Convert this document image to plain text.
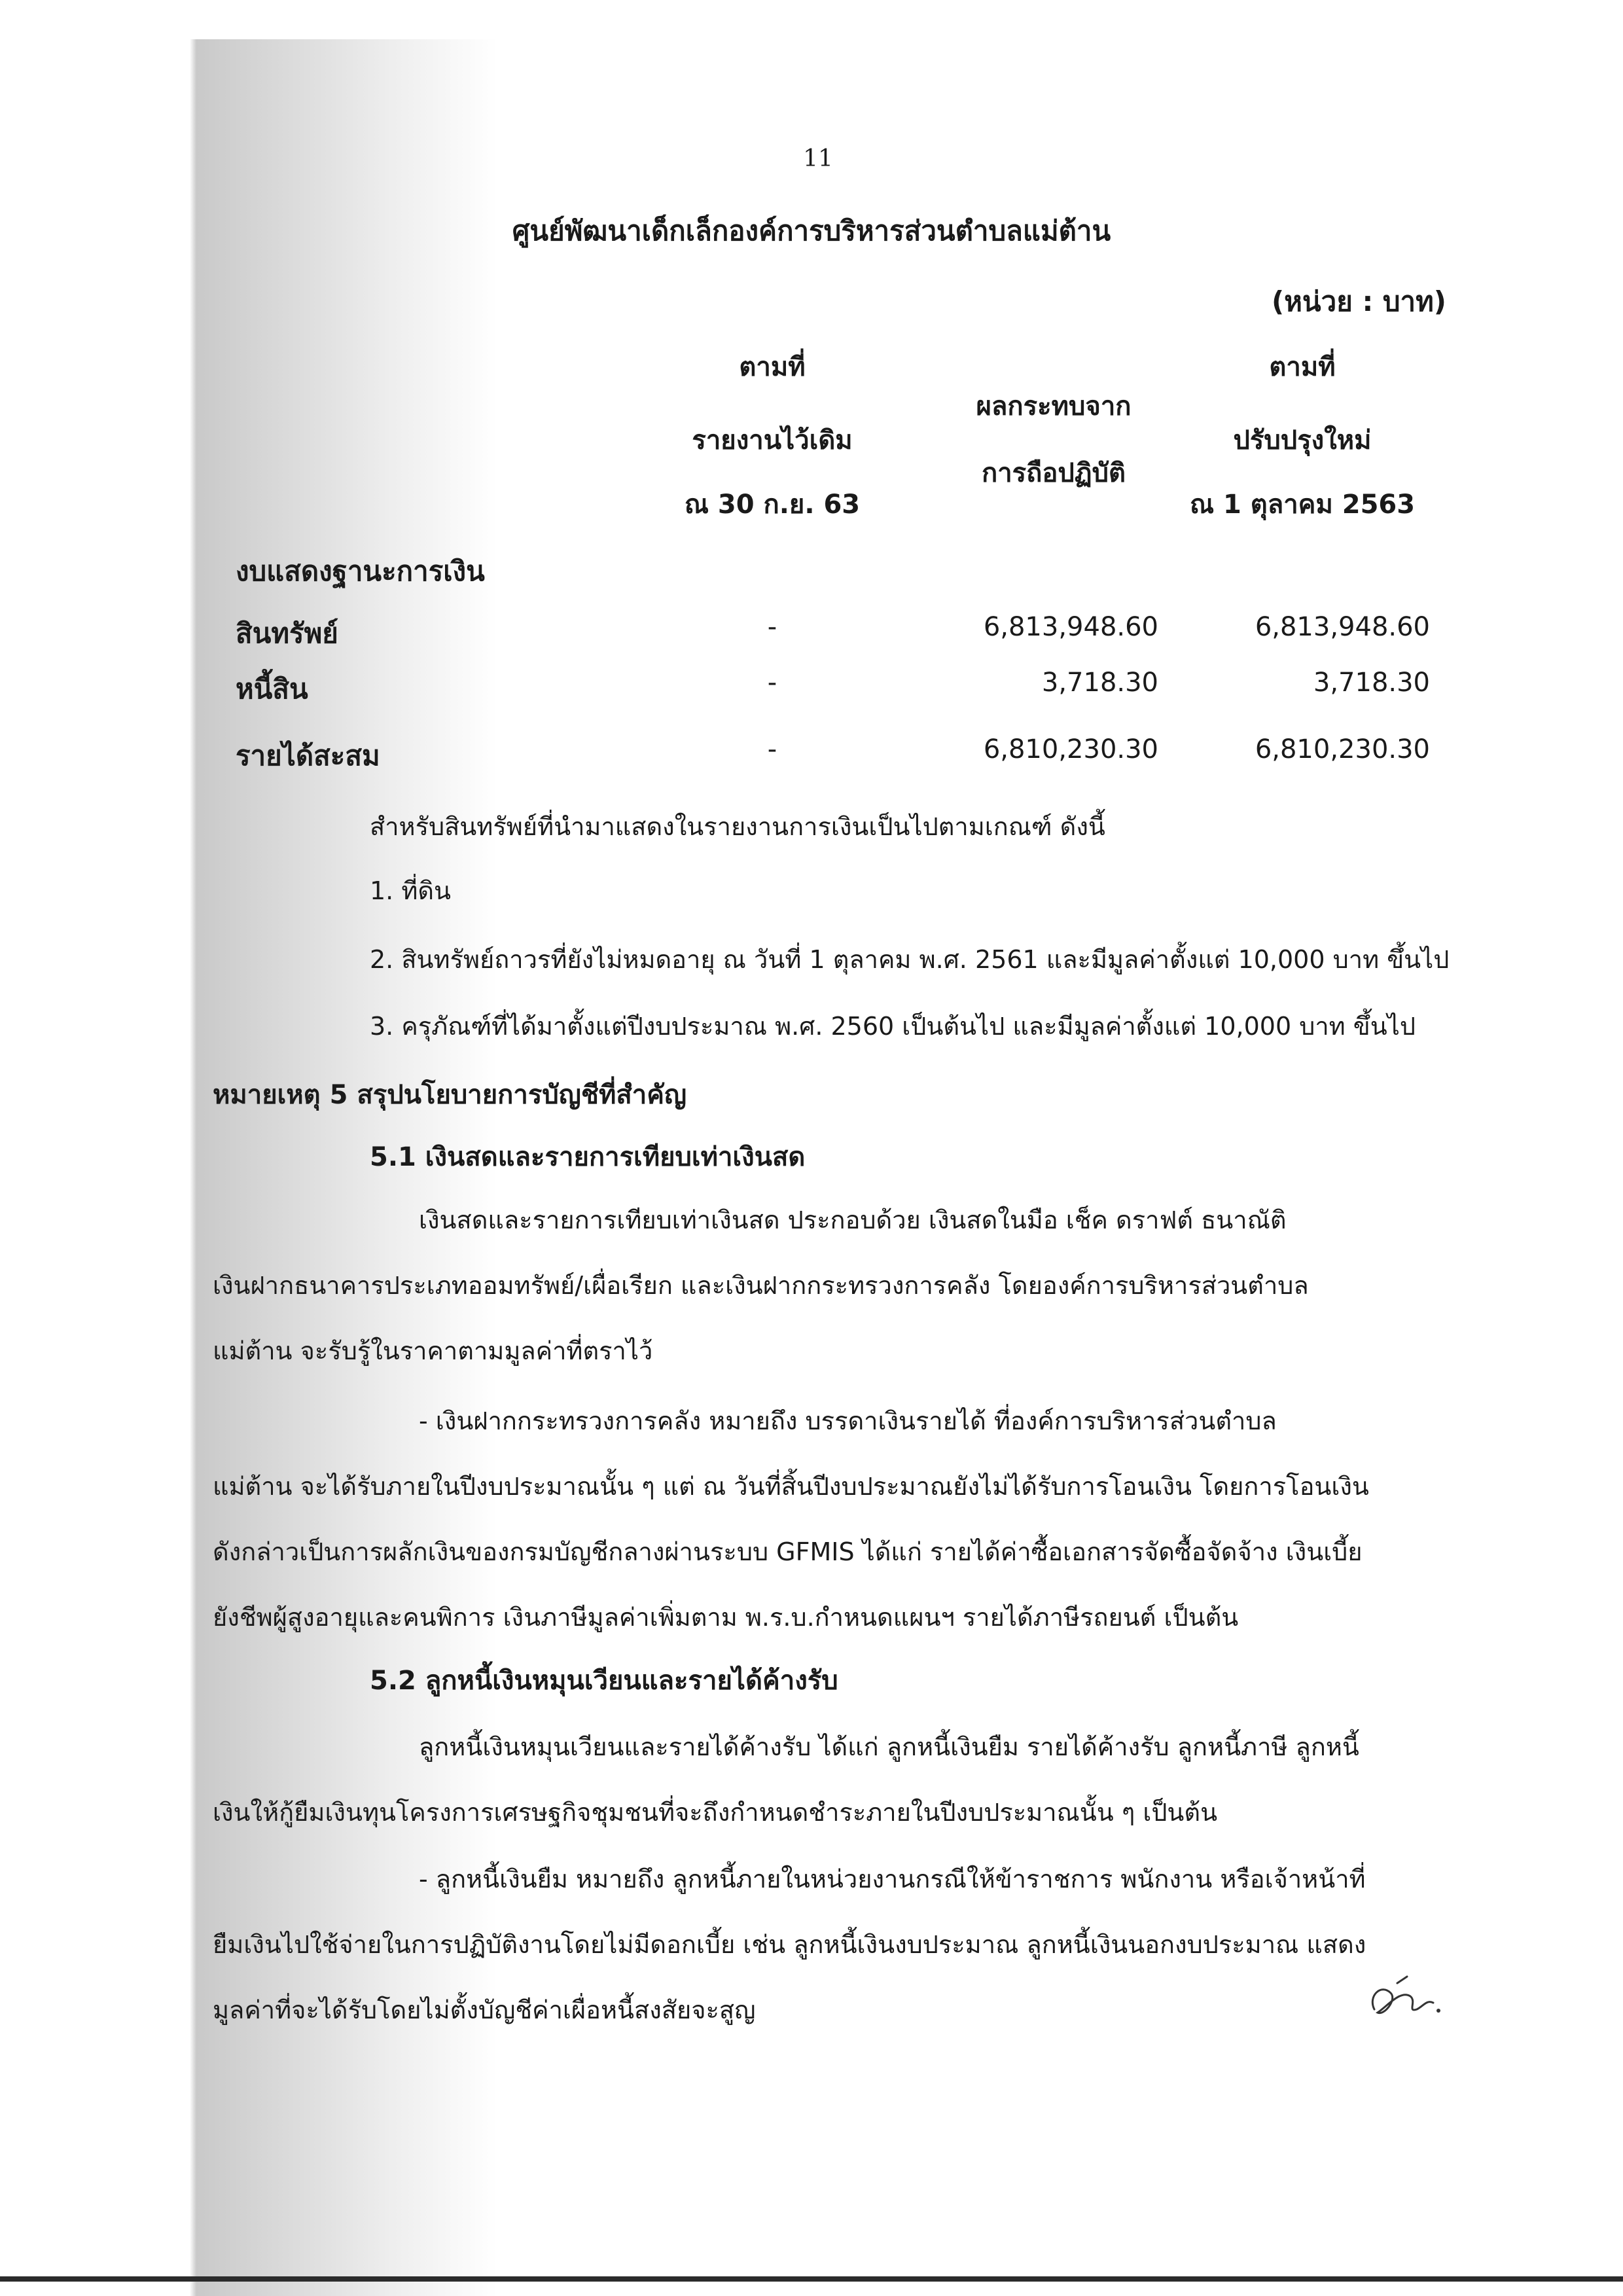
11
ศูนย์พัฒนาเด็กเล็กองค์การบริหารส่วนตำบลแม่ต้าน
(หน่วย : บาท)
ตามที่
รายงานไว้เดิม
ณ 30 ก.ย. 63
ผลกระทบจาก
การถือปฏิบัติ
ตามที่
ปรับปรุงใหม่
ณ 1 ตุลาคม 2563
งบแสดงฐานะการเงิน
สินทรัพย์	-	6,813,948.60	6,813,948.60
หนี้สิน	-	3,718.30	3,718.30
รายได้สะสม	-	6,810,230.30	6,810,230.30
สำหรับสินทรัพย์ที่นำมาแสดงในรายงานการเงินเป็นไปตามเกณฑ์ ดังนี้
1. ที่ดิน
2. สินทรัพย์ถาวรที่ยังไม่หมดอายุ ณ วันที่ 1 ตุลาคม พ.ศ. 2561 และมีมูลค่าตั้งแต่ 10,000 บาท ขึ้นไป
3. ครุภัณฑ์ที่ได้มาตั้งแต่ปีงบประมาณ พ.ศ. 2560 เป็นต้นไป และมีมูลค่าตั้งแต่ 10,000 บาท ขึ้นไป
หมายเหตุ 5 สรุปนโยบายการบัญชีที่สำคัญ
5.1 เงินสดและรายการเทียบเท่าเงินสด
เงินสดและรายการเทียบเท่าเงินสด ประกอบด้วย เงินสดในมือ เช็ค ดราฟต์ ธนาณัติ
เงินฝากธนาคารประเภทออมทรัพย์/เผื่อเรียก และเงินฝากกระทรวงการคลัง โดยองค์การบริหารส่วนตำบล
แม่ต้าน จะรับรู้ในราคาตามมูลค่าที่ตราไว้
- เงินฝากกระทรวงการคลัง หมายถึง บรรดาเงินรายได้ ที่องค์การบริหารส่วนตำบล
แม่ต้าน จะได้รับภายในปีงบประมาณนั้น ๆ แต่ ณ วันที่สิ้นปีงบประมาณยังไม่ได้รับการโอนเงิน โดยการโอนเงิน
ดังกล่าวเป็นการผลักเงินของกรมบัญชีกลางผ่านระบบ GFMIS ได้แก่ รายได้ค่าซื้อเอกสารจัดซื้อจัดจ้าง เงินเบี้ย
ยังชีพผู้สูงอายุและคนพิการ เงินภาษีมูลค่าเพิ่มตาม พ.ร.บ.กำหนดแผนฯ รายได้ภาษีรถยนต์ เป็นต้น
5.2 ลูกหนี้เงินหมุนเวียนและรายได้ค้างรับ
ลูกหนี้เงินหมุนเวียนและรายได้ค้างรับ ได้แก่ ลูกหนี้เงินยืม รายได้ค้างรับ ลูกหนี้ภาษี ลูกหนี้
เงินให้กู้ยืมเงินทุนโครงการเศรษฐกิจชุมชนที่จะถึงกำหนดชำระภายในปีงบประมาณนั้น ๆ เป็นต้น
- ลูกหนี้เงินยืม หมายถึง ลูกหนี้ภายในหน่วยงานกรณีให้ข้าราชการ พนักงาน หรือเจ้าหน้าที่
ยืมเงินไปใช้จ่ายในการปฏิบัติงานโดยไม่มีดอกเบี้ย เช่น ลูกหนี้เงินงบประมาณ ลูกหนี้เงินนอกงบประมาณ แสดง
มูลค่าที่จะได้รับโดยไม่ตั้งบัญชีค่าเผื่อหนี้สงสัยจะสูญ
